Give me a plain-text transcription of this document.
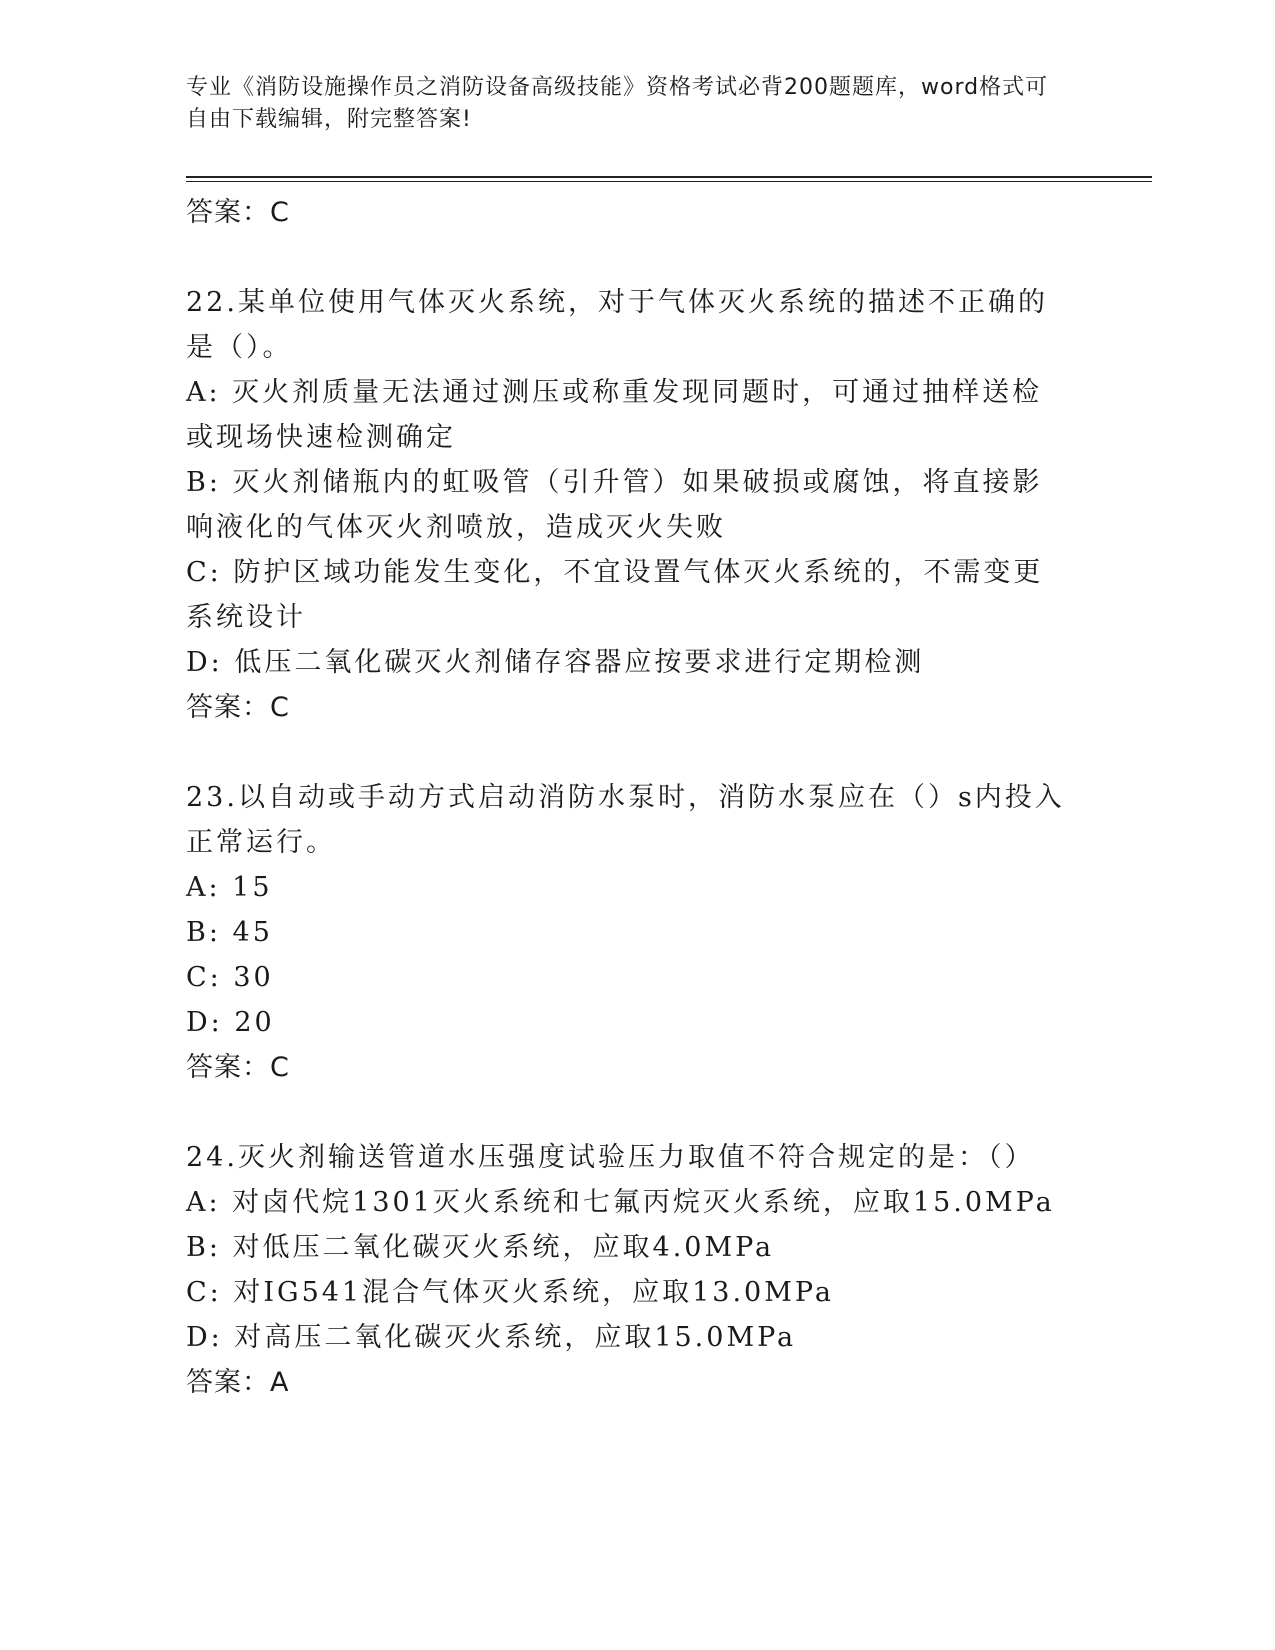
专业《消防设施操作员之消防设备高级技能》资格考试必背200题题库，word格式可自由下载编辑，附完整答案!
答案：C
22.某单位使用气体灭火系统，对于气体灭火系统的描述不正确的是（）。
A: 灭火剂质量无法通过测压或称重发现同题时，可通过抽样送检或现场快速检测确定
B: 灭火剂储瓶内的虹吸管（引升管）如果破损或腐蚀，将直接影响液化的气体灭火剂喷放，造成灭火失败
C: 防护区域功能发生变化，不宜设置气体灭火系统的，不需变更系统设计
D: 低压二氧化碳灭火剂储存容器应按要求进行定期检测
答案：C
23.以自动或手动方式启动消防水泵时，消防水泵应在（）s内投入正常运行。
A: 15
B: 45
C: 30
D: 20
答案：C
24.灭火剂输送管道水压强度试验压力取值不符合规定的是：（）
A: 对卤代烷1301灭火系统和七氟丙烷灭火系统，应取15.0MPa
B: 对低压二氧化碳灭火系统，应取4.0MPa
C: 对IG541混合气体灭火系统，应取13.0MPa
D: 对高压二氧化碳灭火系统，应取15.0MPa
答案：A
